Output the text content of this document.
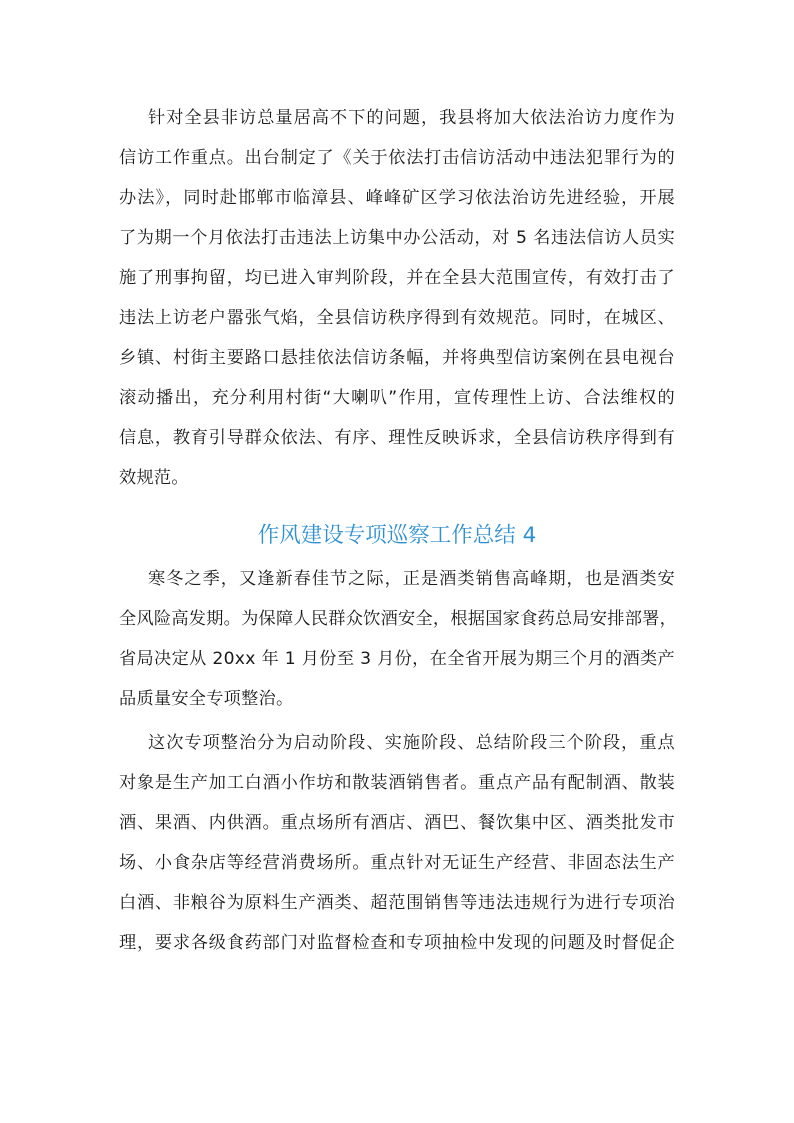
针对全县非访总量居高不下的问题，我县将加大依法治访力度作为
信访工作重点。出台制定了《关于依法打击信访活动中违法犯罪行为的
办法》，同时赴邯郸市临漳县、峰峰矿区学习依法治访先进经验，开展
了为期一个月依法打击违法上访集中办公活动，对 5 名违法信访人员实
施了刑事拘留，均已进入审判阶段，并在全县大范围宣传，有效打击了
违法上访老户嚣张气焰，全县信访秩序得到有效规范。同时，在城区、
乡镇、村街主要路口悬挂依法信访条幅，并将典型信访案例在县电视台
滚动播出，充分利用村街“大喇叭”作用，宣传理性上访、合法维权的
信息，教育引导群众依法、有序、理性反映诉求，全县信访秩序得到有
效规范。
作风建设专项巡察工作总结 4
寒冬之季，又逢新春佳节之际，正是酒类销售高峰期，也是酒类安
全风险高发期。为保障人民群众饮酒安全，根据国家食药总局安排部署，
省局决定从 20xx 年 1 月份至 3 月份，在全省开展为期三个月的酒类产
品质量安全专项整治。
这次专项整治分为启动阶段、实施阶段、总结阶段三个阶段，重点
对象是生产加工白酒小作坊和散装酒销售者。重点产品有配制酒、散装
酒、果酒、内供酒。重点场所有酒店、酒巴、餐饮集中区、酒类批发市
场、小食杂店等经营消费场所。重点针对无证生产经营、非固态法生产
白酒、非粮谷为原料生产酒类、超范围销售等违法违规行为进行专项治
理，要求各级食药部门对监督检查和专项抽检中发现的问题及时督促企
